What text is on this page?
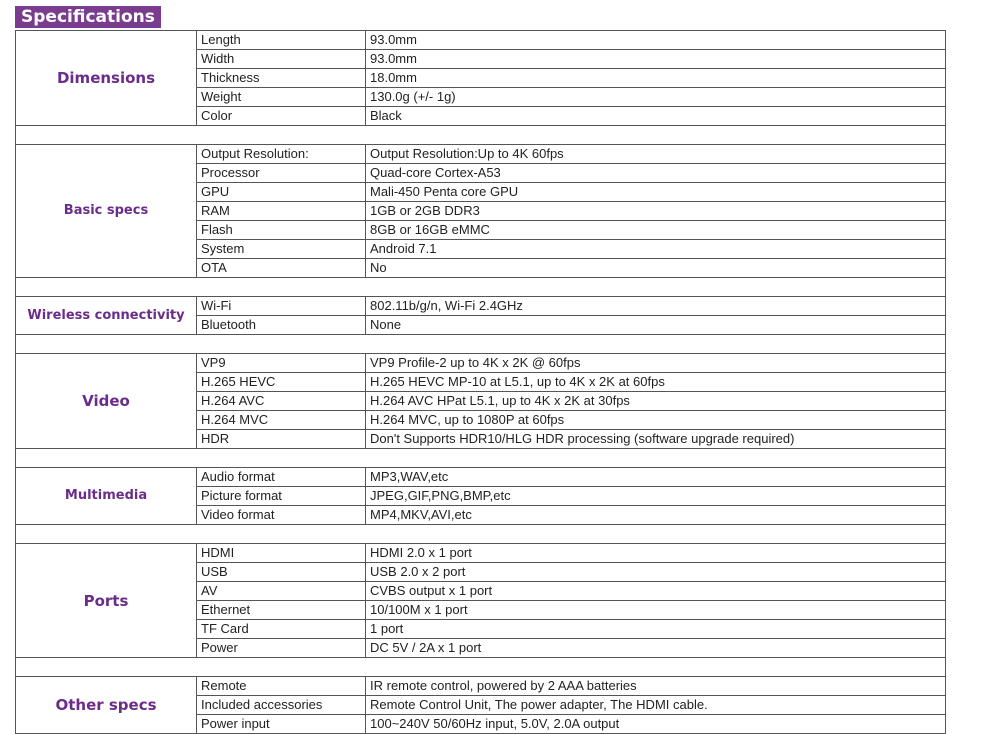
Specifications
Dimensions	Length	93.0mm
	Width	93.0mm
	Thickness	18.0mm
	Weight	130.0g (+/- 1g)
	Color	Black

Basic specs	Output Resolution:	Output Resolution:Up to 4K 60fps
	Processor	Quad-core Cortex-A53
	GPU	Mali-450 Penta core GPU
	RAM	1GB or 2GB DDR3
	Flash	8GB or 16GB eMMC
	System	Android 7.1
	OTA	No

Wireless connectivity	Wi-Fi	802.11b/g/n, Wi-Fi 2.4GHz
	Bluetooth	None

Video	VP9	VP9 Profile-2 up to 4K x 2K @ 60fps
	H.265 HEVC	H.265 HEVC MP-10 at L5.1, up to 4K x 2K at 60fps
	H.264 AVC	H.264 AVC HPat L5.1, up to 4K x 2K at 30fps
	H.264 MVC	H.264 MVC, up to 1080P at 60fps
	HDR	Don't Supports HDR10/HLG HDR processing (software upgrade required)

Multimedia	Audio format	MP3,WAV,etc
	Picture format	JPEG,GIF,PNG,BMP,etc
	Video format	MP4,MKV,AVI,etc

Ports	HDMI	HDMI 2.0 x 1 port
	USB	USB 2.0 x 2 port
	AV	CVBS output x 1 port
	Ethernet	10/100M x 1 port
	TF Card	1 port
	Power	DC 5V / 2A x 1 port

Other specs	Remote	IR remote control, powered by 2 AAA batteries
	Included accessories	Remote Control Unit, The power adapter, The HDMI cable.
	Power input	100~240V 50/60Hz input, 5.0V, 2.0A output
